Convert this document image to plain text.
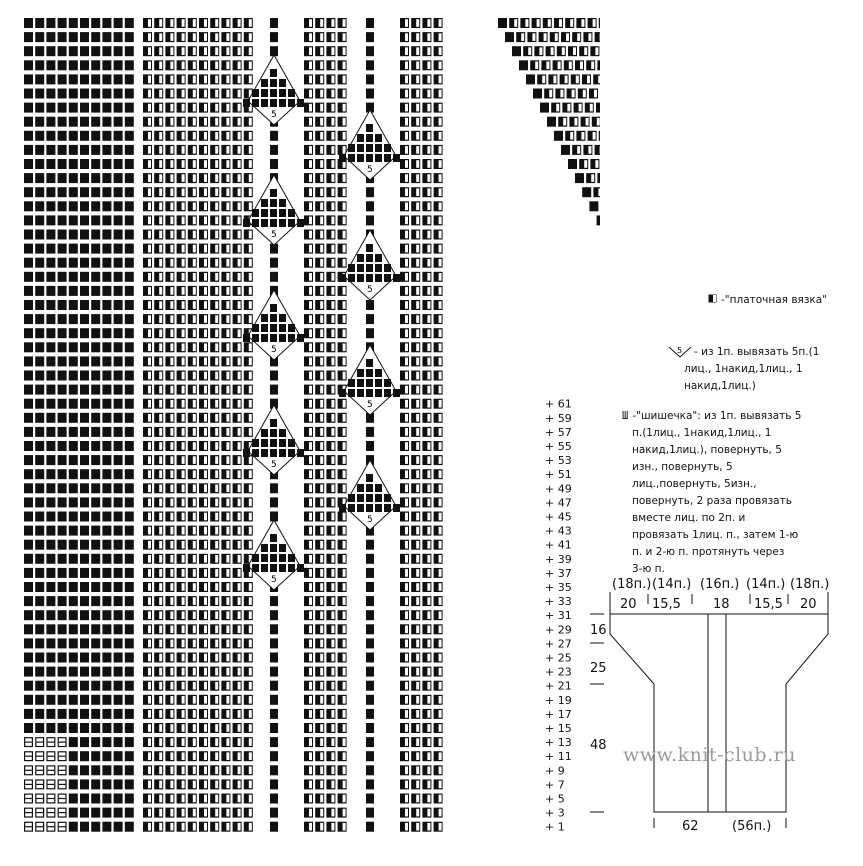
5
5
5
5
5
5
5
5
5
+ 61
+ 59
+ 57
+ 55
+ 53
+ 51
+ 49
+ 47
+ 45
+ 43
+ 41
+ 39
+ 37
+ 35
+ 33
+ 31
+ 29
+ 27
+ 25
+ 23
+ 21
+ 19
+ 17
+ 15
+ 13
+ 11
+ 9
+ 7
+ 5
+ 3
+ 1
-"платочная вязка"
5	- из 1п. вывязать 5п.(1
лиц., 1накид,1лиц., 1
накид,1лиц.)
Ш -"шишечка": из 1п. вывязать 5
п.(1лиц., 1накид,1лиц., 1
накид,1лиц.), повернуть, 5
изн., повернуть, 5
лиц.,повернуть, 5изн.,
повернуть, 2 разa провязать
вместе лиц. по 2п. и
провязать 1лиц. п., затем 1-ю
п. и 2-ю п. протянуть через
3-ю п.
(18п.) (14п.) (16п.) (14п.) (18п.)
20 15,5 18 15,5 20
16
25
48
62	(56п.)
www.knit-club.ru
